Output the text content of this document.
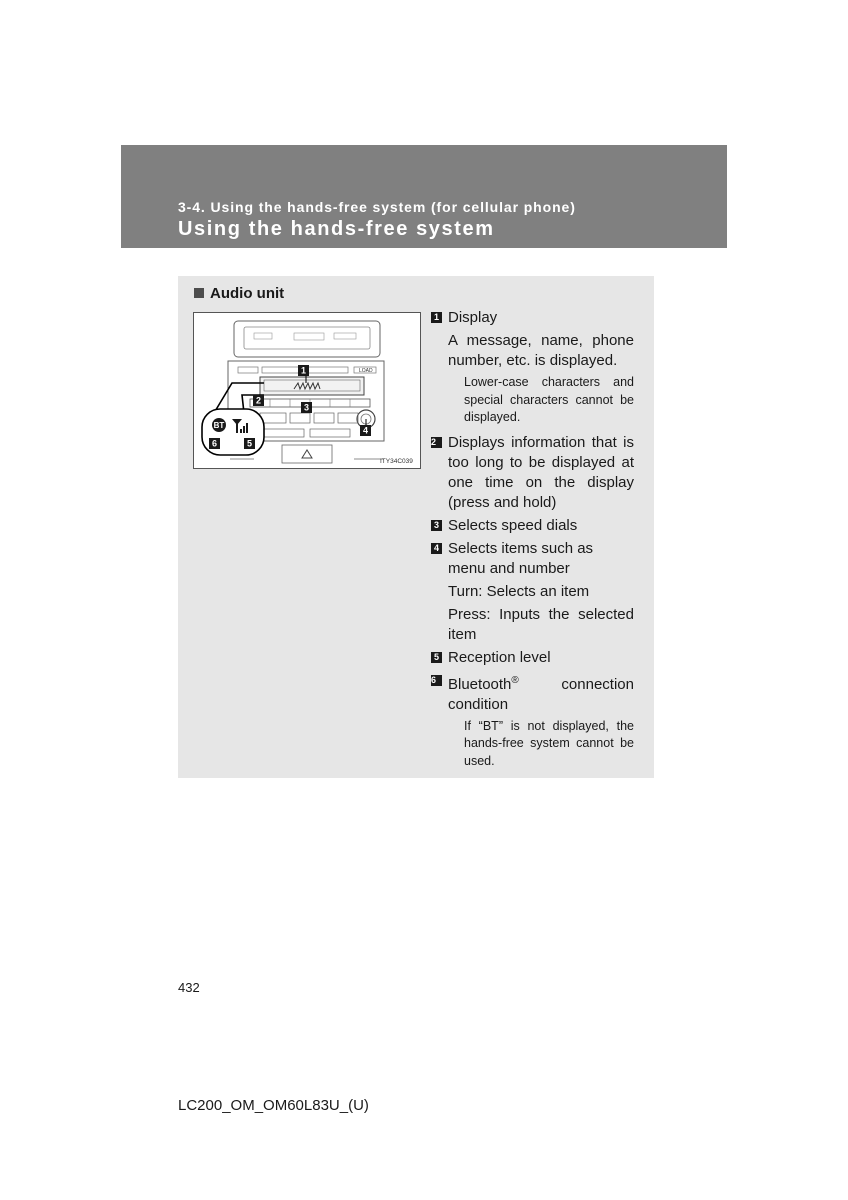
3-4. Using the hands-free system (for cellular phone)
Using the hands-free system
Audio unit
LOAD
BT
1
2
3
4
5
6
ITY34C039
1 Display
A message, name, phone number, etc. is displayed.
Lower-case characters and special characters cannot be displayed.
2 Displays information that is too long to be displayed at one time on the display (press and hold)
3 Selects speed dials
4 Selects items such as menu and number
Turn: Selects an item
Press: Inputs the selected item
5 Reception level
6 Bluetooth® connection condition
If “BT” is not displayed, the hands-free system cannot be used.
432
LC200_OM_OM60L83U_(U)
